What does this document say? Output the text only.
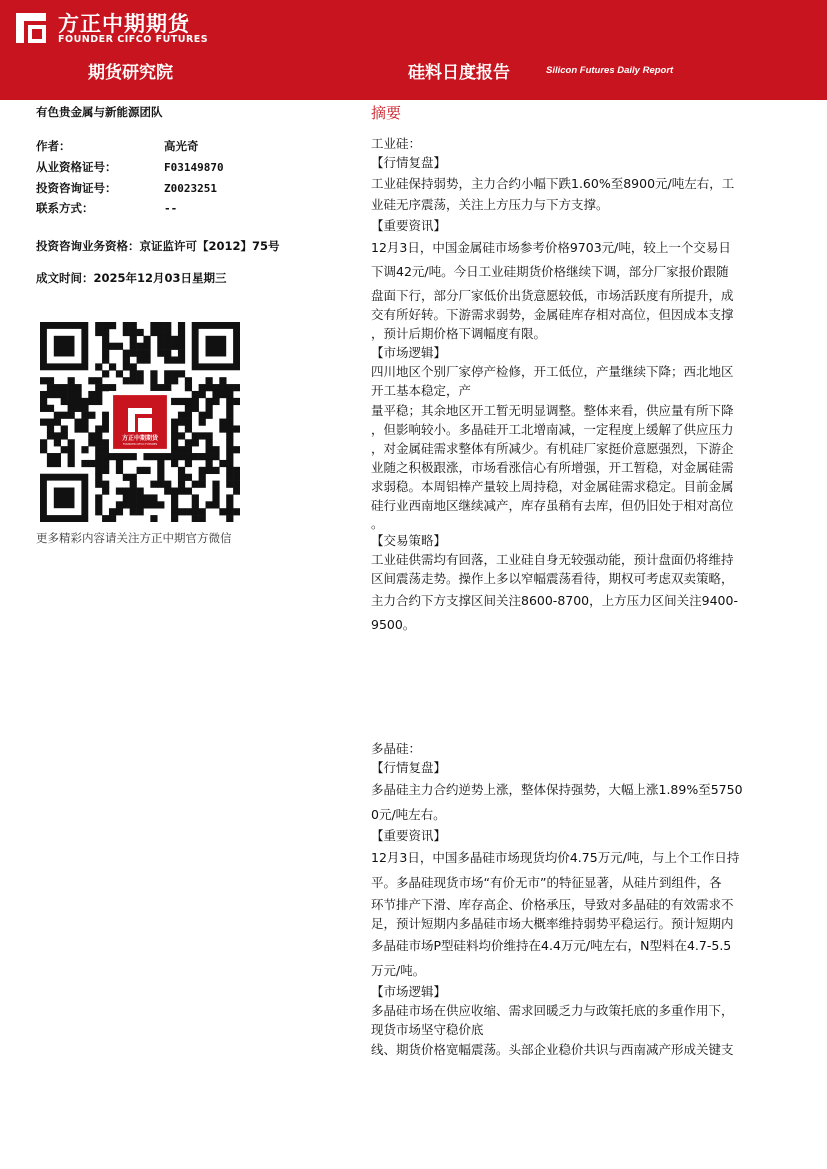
方正中期期货
FOUNDER CIFCO FUTURES
期货研究院	硅料日度报告	Silicon Futures Daily Report
有色贵金属与新能源团队
作者：	高光奇
从业资格证号：	F03149870
投资咨询证号：	Z0023251
联系方式：	--
投资咨询业务资格：京证监许可【2012】75号
成文时间：2025年12月03日星期三
方正中期期货
FOUNDER CIFCO FUTURES
更多精彩内容请关注方正中期官方微信
摘要
工业硅：
【行情复盘】
工业硅保持弱势，主力合约小幅下跌1.60%至8900元/吨左右，工
业硅无序震荡，关注上方压力与下方支撑。
【重要资讯】
12月3日，中国金属硅市场参考价格9703元/吨，较上一个交易日
下调42元/吨。今日工业硅期货价格继续下调，部分厂家报价跟随
盘面下行，部分厂家低价出货意愿较低，市场活跃度有所提升，成
交有所好转。下游需求弱势，金属硅库存相对高位，但因成本支撑
，预计后期价格下调幅度有限。
【市场逻辑】
四川地区个别厂家停产检修，开工低位，产量继续下降；西北地区
开工基本稳定，产
量平稳；其余地区开工暂无明显调整。整体来看，供应量有所下降
，但影响较小。多晶硅开工北增南减，一定程度上缓解了供应压力
，对金属硅需求整体有所减少。有机硅厂家挺价意愿强烈，下游企
业随之积极跟涨，市场看涨信心有所增强，开工暂稳，对金属硅需
求弱稳。本周铝棒产量较上周持稳，对金属硅需求稳定。目前金属
硅行业西南地区继续减产，库存虽稍有去库，但仍旧处于相对高位
。
【交易策略】
工业硅供需均有回落，工业硅自身无较强动能，预计盘面仍将维持
区间震荡走势。操作上多以窄幅震荡看待，期权可考虑双卖策略，
主力合约下方支撑区间关注8600-8700，上方压力区间关注9400-
9500。
多晶硅：
【行情复盘】
多晶硅主力合约逆势上涨，整体保持强势，大幅上涨1.89%至5750
0元/吨左右。
【重要资讯】
12月3日，中国多晶硅市场现货均价4.75万元/吨，与上个工作日持
平。多晶硅现货市场“有价无市”的特征显著，从硅片到组件，各
环节排产下滑、库存高企、价格承压，导致对多晶硅的有效需求不
足，预计短期内多晶硅市场大概率维持弱势平稳运行。预计短期内
多晶硅市场P型硅料均价维持在4.4万元/吨左右，N型料在4.7-5.5
万元/吨。
【市场逻辑】
多晶硅市场在供应收缩、需求回暖乏力与政策托底的多重作用下，
现货市场坚守稳价底
线、期货价格宽幅震荡。头部企业稳价共识与西南减产形成关键支
